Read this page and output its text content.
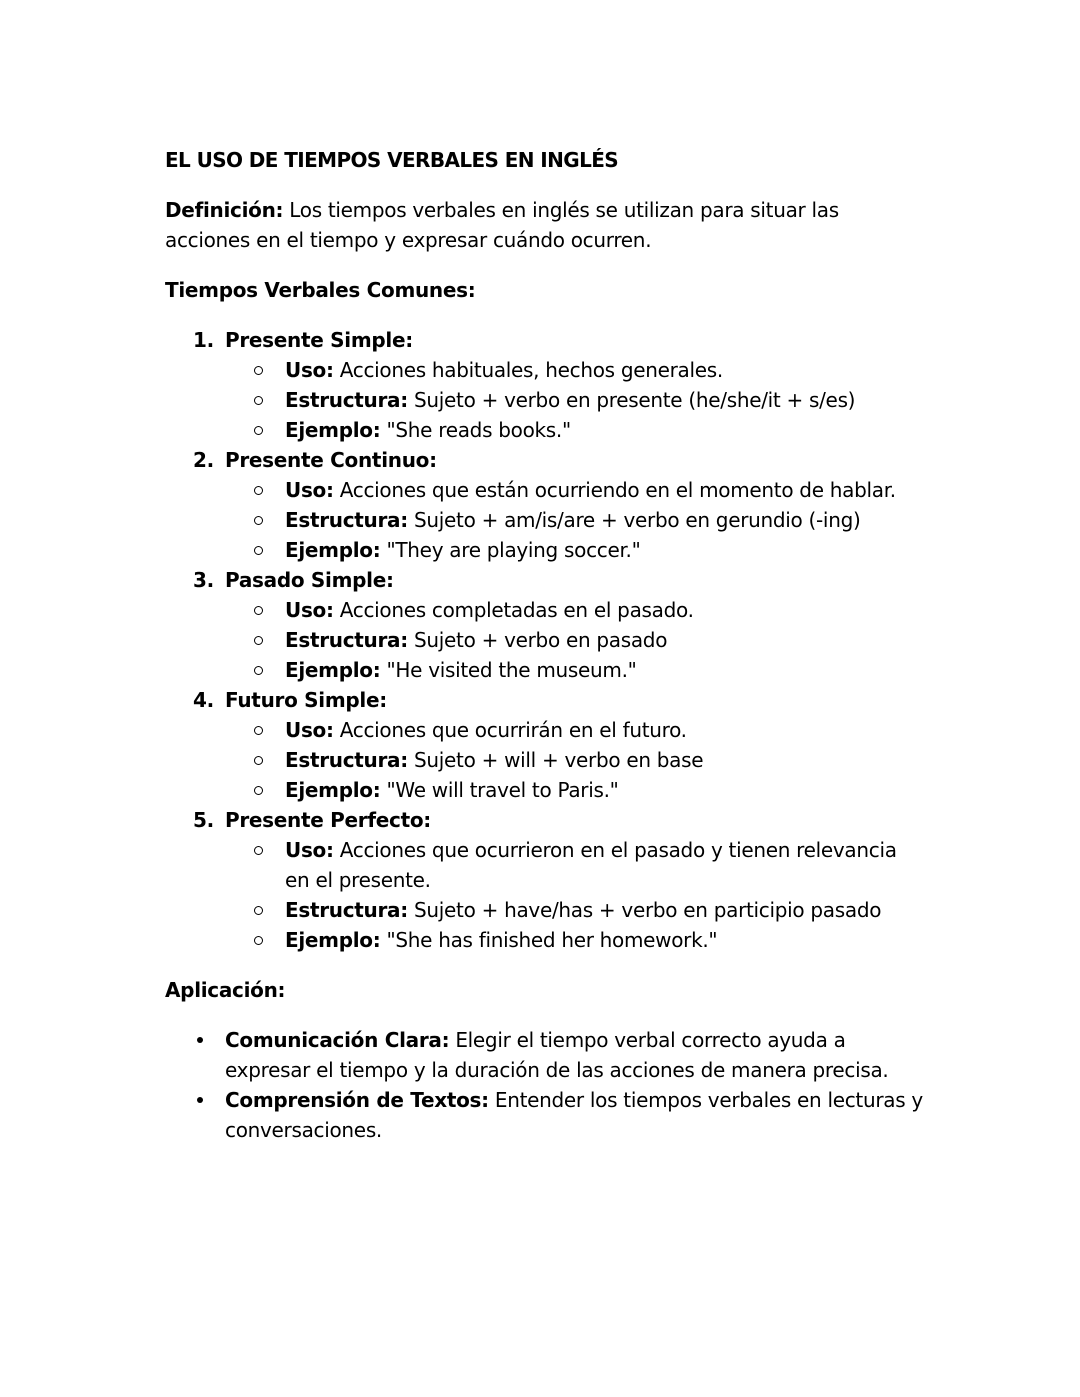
EL USO DE TIEMPOS VERBALES EN INGLÉS
Definición: Los tiempos verbales en inglés se utilizan para situar las acciones en el tiempo y expresar cuándo ocurren.
Tiempos Verbales Comunes:
1. Presente Simple:
Uso: Acciones habituales, hechos generales.
Estructura: Sujeto + verbo en presente (he/she/it + s/es)
Ejemplo: "She reads books."
2. Presente Continuo:
Uso: Acciones que están ocurriendo en el momento de hablar.
Estructura: Sujeto + am/is/are + verbo en gerundio (-ing)
Ejemplo: "They are playing soccer."
3. Pasado Simple:
Uso: Acciones completadas en el pasado.
Estructura: Sujeto + verbo en pasado
Ejemplo: "He visited the museum."
4. Futuro Simple:
Uso: Acciones que ocurrirán en el futuro.
Estructura: Sujeto + will + verbo en base
Ejemplo: "We will travel to Paris."
5. Presente Perfecto:
Uso: Acciones que ocurrieron en el pasado y tienen relevancia en el presente.
Estructura: Sujeto + have/has + verbo en participio pasado
Ejemplo: "She has finished her homework."
Aplicación:
Comunicación Clara: Elegir el tiempo verbal correcto ayuda a expresar el tiempo y la duración de las acciones de manera precisa.
Comprensión de Textos: Entender los tiempos verbales en lecturas y conversaciones.
